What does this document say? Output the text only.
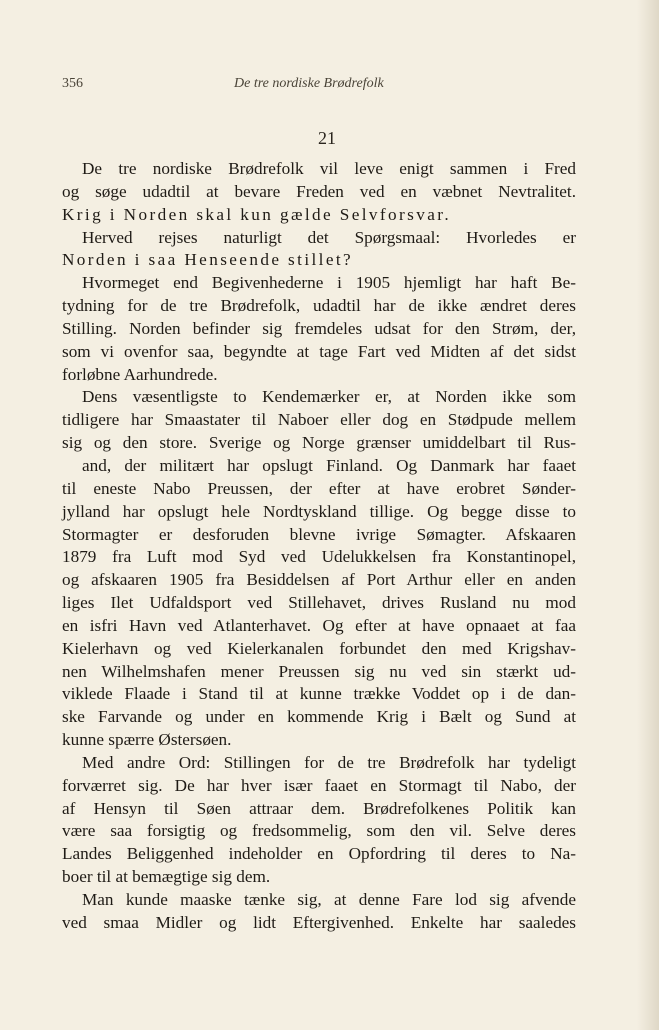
356	De tre nordiske Brødrefolk
21
De tre nordiske Brødrefolk vil leve enigt sammen i Fred
og søge udadtil at bevare Freden ved en væbnet Nevtralitet.
Krig i Norden skal kun gælde Selvforsvar.
Herved rejses naturligt det Spørgsmaal: Hvorledes er
Norden i saa Henseende stillet?
Hvormeget end Begivenhederne i 1905 hjemligt har haft Be-
tydning for de tre Brødrefolk, udadtil har de ikke ændret deres
Stilling. Norden befinder sig fremdeles udsat for den Strøm, der,
som vi ovenfor saa, begyndte at tage Fart ved Midten af det sidst
forløbne Aarhundrede.
Dens væsentligste to Kendemærker er, at Norden ikke som
tidligere har Smaastater til Naboer eller dog en Stødpude mellem
sig og den store. Sverige og Norge grænser umiddelbart til Rus-
and, der militært har opslugt Finland. Og Danmark har faaet
til eneste Nabo Preussen, der efter at have erobret Sønder-
jylland har opslugt hele Nordtyskland tillige. Og begge disse to
Stormagter er desforuden blevne ivrige Sømagter. Afskaaren
1879 fra Luft mod Syd ved Udelukkelsen fra Konstantinopel,
og afskaaren 1905 fra Besiddelsen af Port Arthur eller en anden
liges Ilet Udfaldsport ved Stillehavet, drives Rusland nu mod
en isfri Havn ved Atlanterhavet. Og efter at have opnaaet at faa
Kielerhavn og ved Kielerkanalen forbundet den med Krigshav-
nen Wilhelmshafen mener Preussen sig nu ved sin stærkt ud-
viklede Flaade i Stand til at kunne trække Voddet op i de dan-
ske Farvande og under en kommende Krig i Bælt og Sund at
kunne spærre Østersøen.
Med andre Ord: Stillingen for de tre Brødrefolk har tydeligt
forværret sig. De har hver især faaet en Stormagt til Nabo, der
af Hensyn til Søen attraar dem. Brødrefolkenes Politik kan
være saa forsigtig og fredsommelig, som den vil. Selve deres
Landes Beliggenhed indeholder en Opfordring til deres to Na-
boer til at bemægtige sig dem.
Man kunde maaske tænke sig, at denne Fare lod sig afvende
ved smaa Midler og lidt Eftergivenhed. Enkelte har saaledes
